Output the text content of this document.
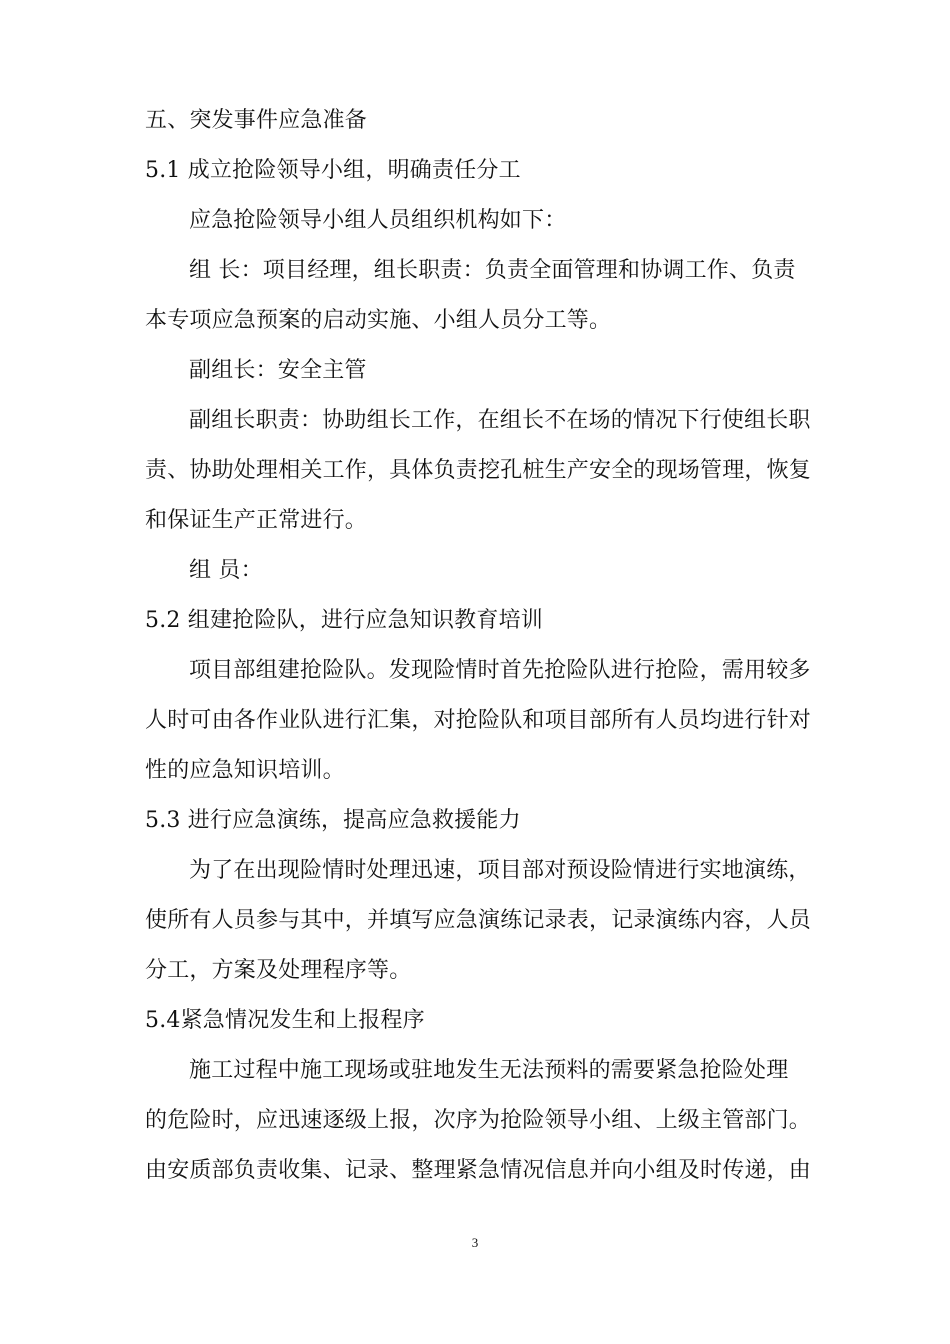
五、突发事件应急准备
5.1 成立抢险领导小组，明确责任分工
应急抢险领导小组人员组织机构如下：
组 长：项目经理，组长职责：负责全面管理和协调工作、负责
本专项应急预案的启动实施、小组人员分工等。
副组长：安全主管
副组长职责：协助组长工作，在组长不在场的情况下行使组长职
责、协助处理相关工作，具体负责挖孔桩生产安全的现场管理，恢复
和保证生产正常进行。
组 员：
5.2 组建抢险队，进行应急知识教育培训
项目部组建抢险队。发现险情时首先抢险队进行抢险，需用较多
人时可由各作业队进行汇集，对抢险队和项目部所有人员均进行针对
性的应急知识培训。
5.3 进行应急演练，提高应急救援能力
为了在出现险情时处理迅速，项目部对预设险情进行实地演练，
使所有人员参与其中，并填写应急演练记录表，记录演练内容，人员
分工，方案及处理程序等。
5.4紧急情况发生和上报程序
施工过程中施工现场或驻地发生无法预料的需要紧急抢险处理
的危险时，应迅速逐级上报，次序为抢险领导小组、上级主管部门。
由安质部负责收集、记录、整理紧急情况信息并向小组及时传递，由
3
